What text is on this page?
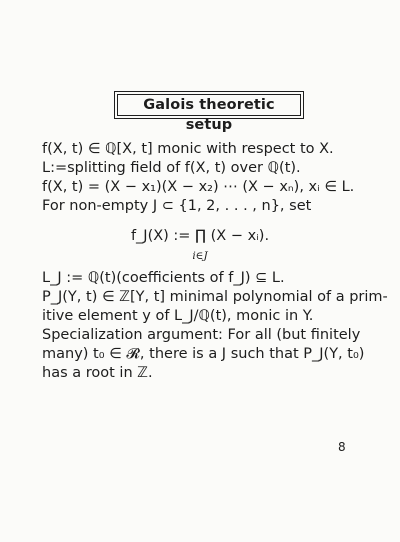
Galois theoretic setup
f(X, t) ∈ ℚ[X, t] monic with respect to X.
L:=splitting field of f(X, t) over ℚ(t).
f(X, t) = (X − x₁)(X − x₂) ⋯ (X − xₙ), xᵢ ∈ L.
For non-empty J ⊂ {1, 2, . . . , n}, set
f_J(X) := ∏ (X − xᵢ).
i∈J
L_J := ℚ(t)(coefficients of f_J) ⊆ L.
P_J(Y, t) ∈ ℤ[Y, t] minimal polynomial of a prim-
itive element y of L_J/ℚ(t), monic in Y.
Specialization argument: For all (but finitely
many) t₀ ∈ 𝓡, there is a J such that P_J(Y, t₀)
has a root in ℤ.
8
